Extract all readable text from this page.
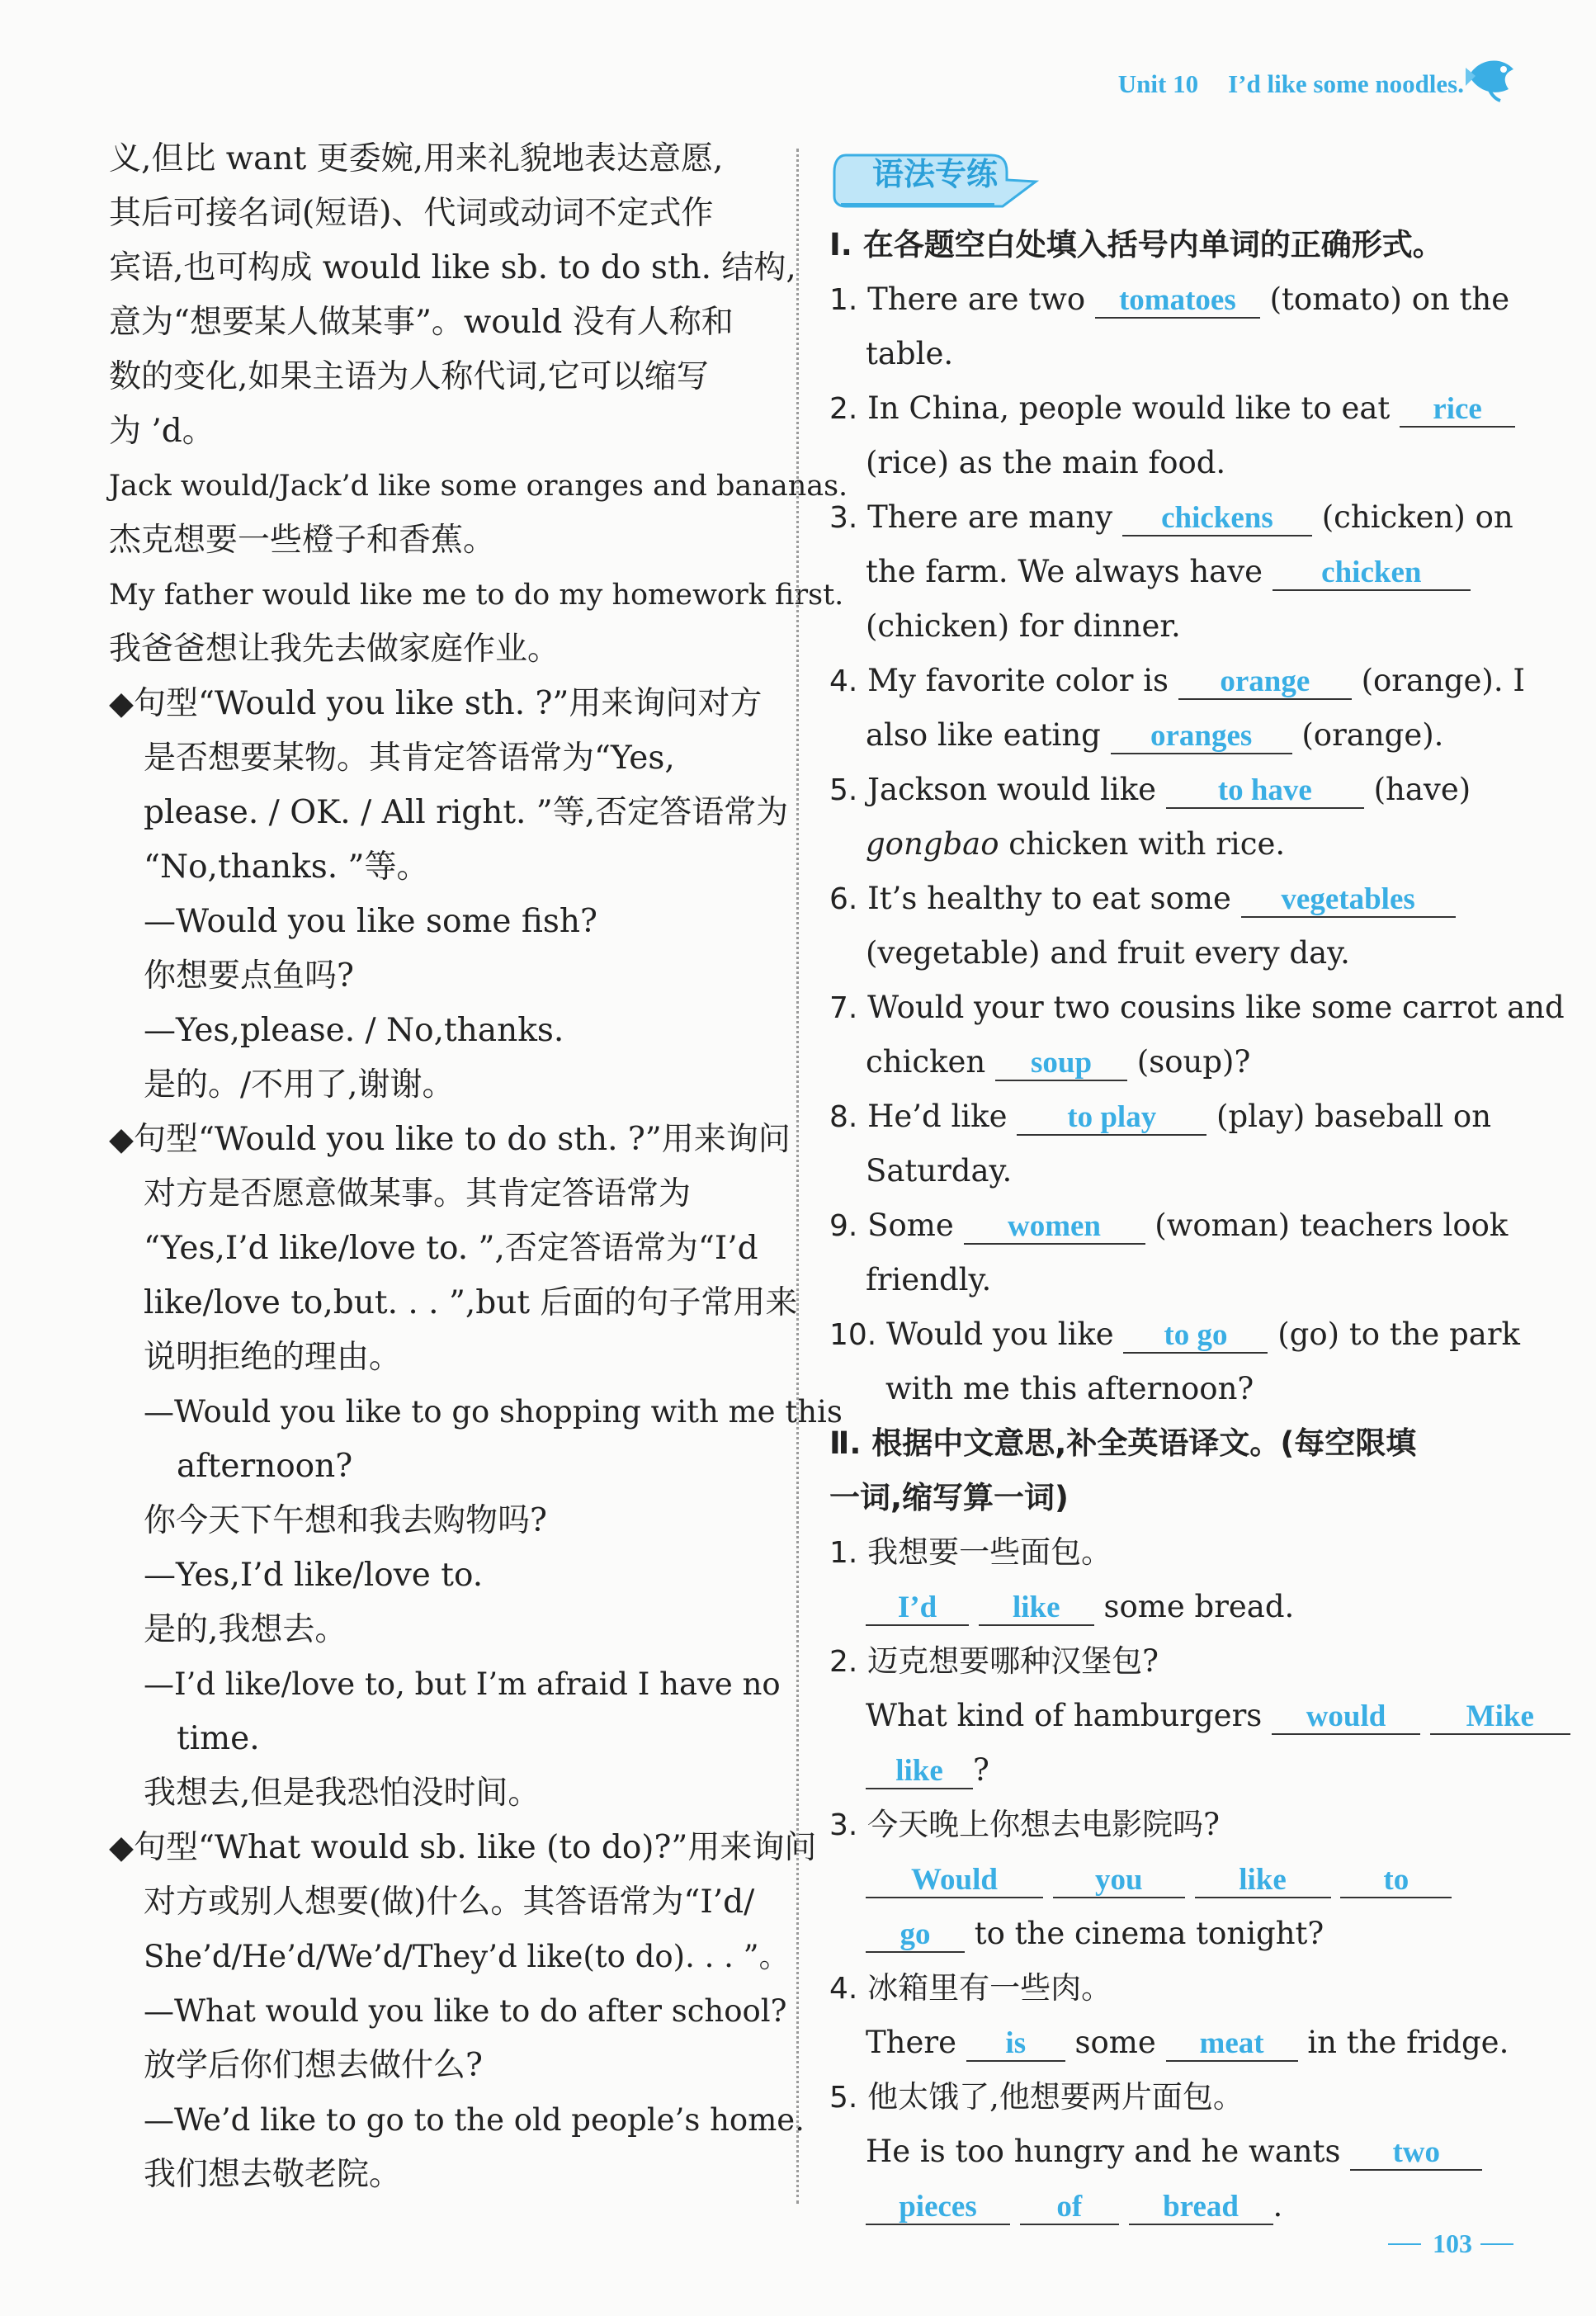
Unit 10 I’d like some noodles.
义,但比 want 更委婉,用来礼貌地表达意愿,
其后可接名词(短语)、代词或动词不定式作
宾语,也可构成 would like sb. to do sth. 结构,
意为“想要某人做某事”。would 没有人称和
数的变化,如果主语为人称代词,它可以缩写
为 ’d。
Jack would/Jack’d like some oranges and bananas.
杰克想要一些橙子和香蕉。
My father would like me to do my homework first.
我爸爸想让我先去做家庭作业。
◆句型“Would you like sth. ?”用来询问对方
是否想要某物。其肯定答语常为“Yes,
please. / OK. / All right. ”等,否定答语常为
“No,thanks. ”等。
—Would you like some fish?
你想要点鱼吗?
—Yes,please. / No,thanks.
是的。/不用了,谢谢。
◆句型“Would you like to do sth. ?”用来询问
对方是否愿意做某事。其肯定答语常为
“Yes,I’d like/love to. ”,否定答语常为“I’d
like/love to,but. . . ”,but 后面的句子常用来
说明拒绝的理由。
—Would you like to go shopping with me this
afternoon?
你今天下午想和我去购物吗?
—Yes,I’d like/love to.
是的,我想去。
—I’d like/love to, but I’m afraid I have no
time.
我想去,但是我恐怕没时间。
◆句型“What would sb. like (to do)?”用来询问
对方或别人想要(做)什么。其答语常为“I’d/
She’d/He’d/We’d/They’d like(to do). . . ”。
—What would you like to do after school?
放学后你们想去做什么?
—We’d like to go to the old people’s home.
我们想去敬老院。
语法专练
Ⅰ. 在各题空白处填入括号内单词的正确形式。
1. There are two tomatoes (tomato) on the
table.
2. In China, people would like to eat rice
(rice) as the main food.
3. There are many chickens (chicken) on
the farm. We always have chicken
(chicken) for dinner.
4. My favorite color is orange (orange). I
also like eating oranges (orange).
5. Jackson would like to have (have)
gongbao chicken with rice.
6. It’s healthy to eat some vegetables
(vegetable) and fruit every day.
7. Would your two cousins like some carrot and
chicken soup (soup)?
8. He’d like to play (play) baseball on
Saturday.
9. Some women (woman) teachers look
friendly.
10. Would you like to go (go) to the park
with me this afternoon?
Ⅱ. 根据中文意思,补全英语译文。(每空限填
一词,缩写算一词)
1. 我想要一些面包。
I’d like some bread.
2. 迈克想要哪种汉堡包?
What kind of hamburgers would	Mike
like ?
3. 今天晚上你想去电影院吗?
Would	you	like	to
go to the cinema tonight?
4. 冰箱里有一些肉。
There is some meat in the fridge.
5. 他太饿了,他想要两片面包。
He is too hungry and he wants two
pieces	of	bread .
103
